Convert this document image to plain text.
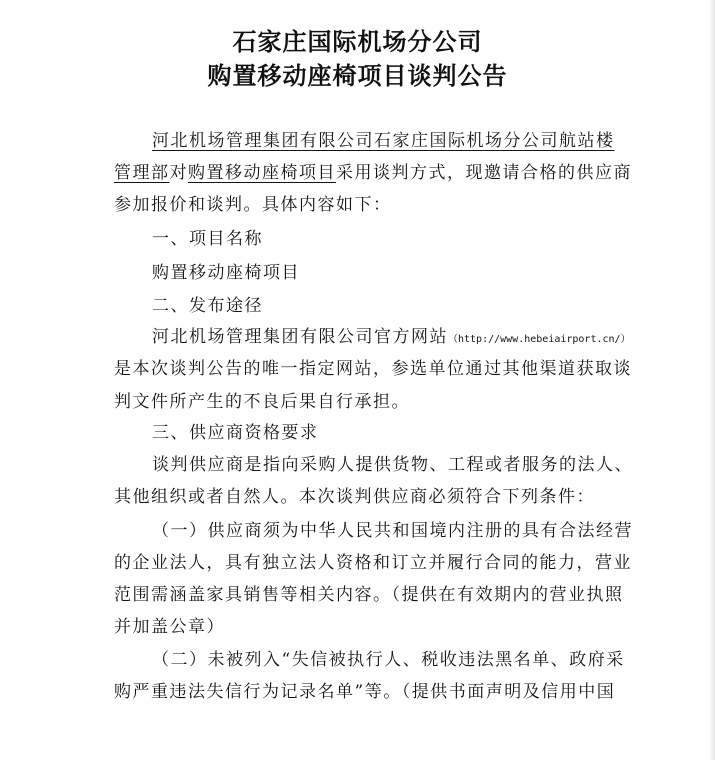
石家庄国际机场分公司
购置移动座椅项目谈判公告
河北机场管理集团有限公司石家庄国际机场分公司航站楼
管理部对购置移动座椅项目采用谈判方式，现邀请合格的供应商
参加报价和谈判。具体内容如下：
一、项目名称
购置移动座椅项目
二、发布途径
河北机场管理集团有限公司官方网站（http://www.hebeiairport.cn/）
是本次谈判公告的唯一指定网站，参选单位通过其他渠道获取谈
判文件所产生的不良后果自行承担。
三、供应商资格要求
谈判供应商是指向采购人提供货物、工程或者服务的法人、
其他组织或者自然人。本次谈判供应商必须符合下列条件：
（一）供应商须为中华人民共和国境内注册的具有合法经营
的企业法人，具有独立法人资格和订立并履行合同的能力，营业
范围需涵盖家具销售等相关内容。（提供在有效期内的营业执照
并加盖公章）
（二）未被列入“失信被执行人、税收违法黑名单、政府采
购严重违法失信行为记录名单”等。（提供书面声明及信用中国
